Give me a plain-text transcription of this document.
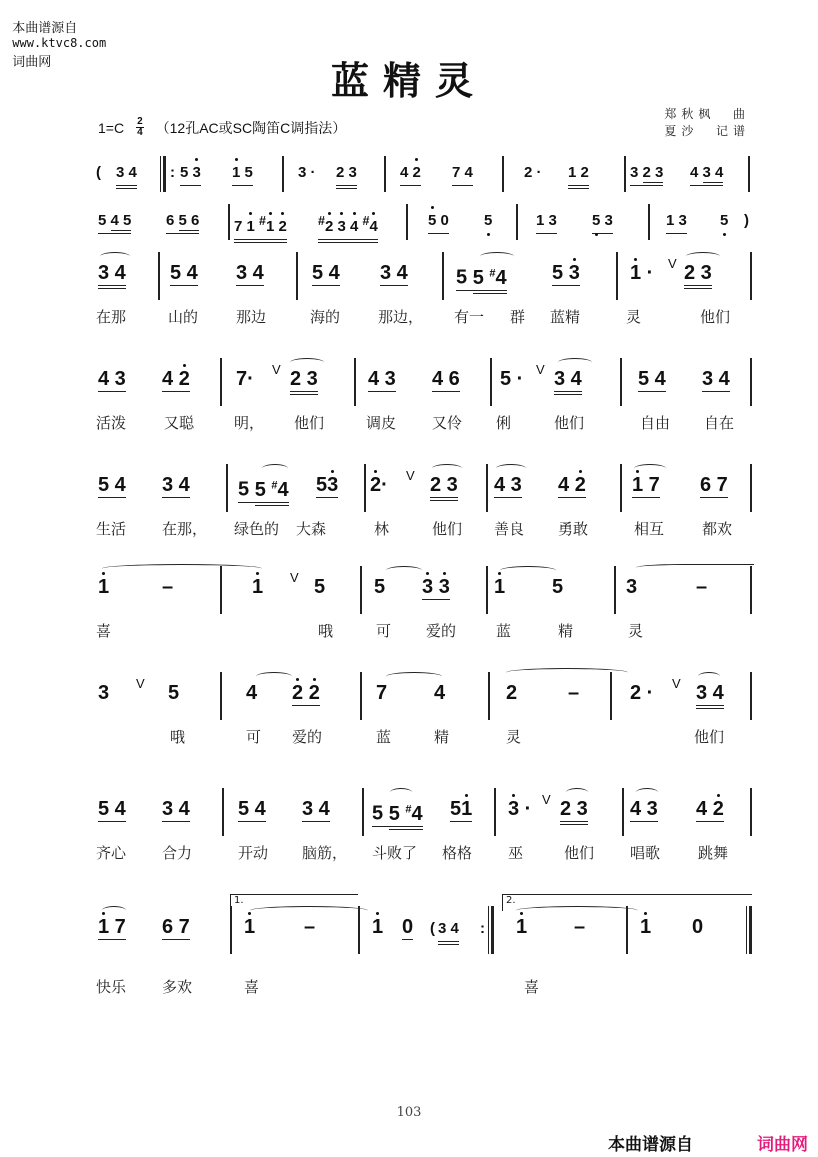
本曲谱源自
www.ktvc8.com
词曲网	蓝精灵
$1=C \frac{2}{4} (12$孔AC或SC陶笛C调指法）
郑秋枫  曲
夏沙  记谱
( 3 4 : 5 3 1 5	3 · 2 3	4 2 7 4	2 · 1 2	3 2 3 4 3 4
5 4 5 6 5 6 7 1 #1 2 #2 3 4 #4	5 0 5	1 3 5 3	1 3 5 )
3 4 5 4 3 4 5 4 3 4 5 5 #4 5 3	1 · V 2 3
在那	山的	那边	海的	那边， 有一 群 蓝精	灵	他们
4 3 4 2 7· V 2 3	4 3 4 6 5 · V 3 4	5 4 3 4
活泼	又聪	明， 他们	调皮 又伶 俐	他们	自由 自在
5 4 3 4 5 5 #4 53 2· V 2 3 4 3 4 2 1 7 6 7
生活 在那， 绿色的 大森	林	他们 善良 勇敢	相互	都欢
1	–	1 V 5 5 3 3 1 5	3	–
喜	哦	可 爱的	蓝	精	灵
3 V 5	4 2 2	7 4	2	–	2 · V 3 4
哦	可 爱的	蓝	精	灵	他们
5 4 3 4 5 4 3 4 5 5 #4 51 3 · V 2 3 4 3 4 2
齐心 合力	开动 脑筋， 斗败了 格格 巫	他们 唱歌	跳舞
1 7 6 7
1.
1 –	1 0 ( 3 4 :
2.
1 –	1 0
快乐 多欢	喜	喜
103
本曲谱源自	词曲网
